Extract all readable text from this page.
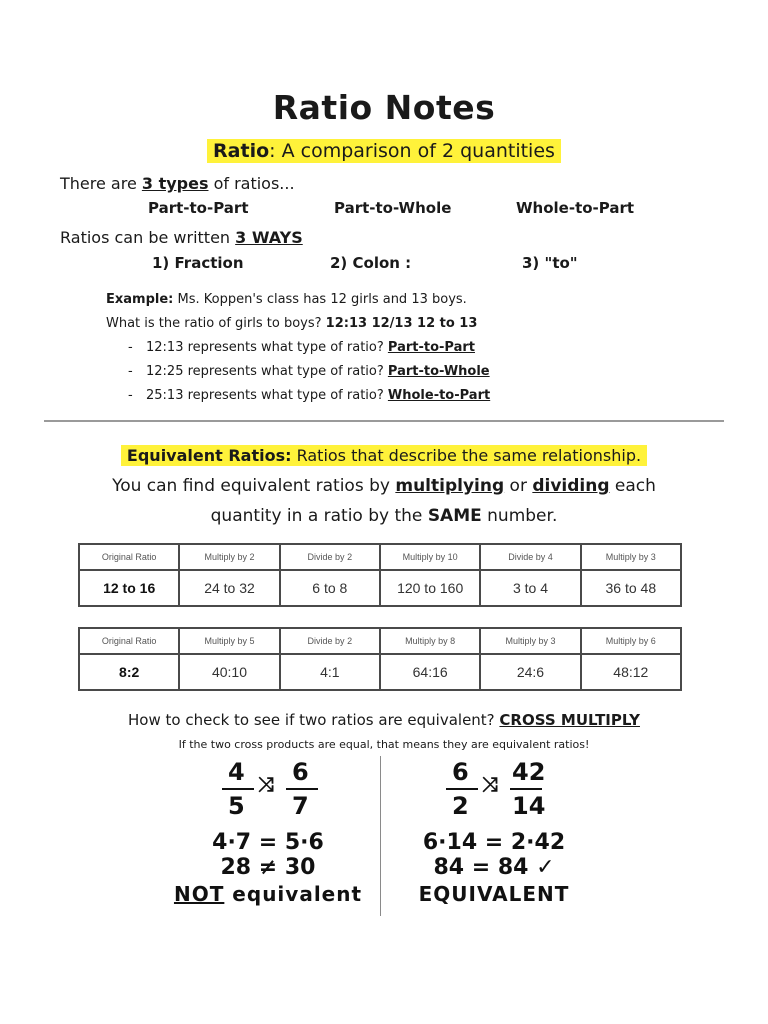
Ratio Notes
Ratio: A comparison of 2 quantities
There are 3 types of ratios...
Part-to-Part	Part-to-Whole	Whole-to-Part
Ratios can be written 3 WAYS
1) Fraction	2) Colon :	3) "to"
Example: Ms. Koppen's class has 12 girls and 13 boys.
What is the ratio of girls to boys? 12:13 12/13 12 to 13
- 12:13 represents what type of ratio? Part-to-Part
- 12:25 represents what type of ratio? Part-to-Whole
- 25:13 represents what type of ratio? Whole-to-Part
Equivalent Ratios: Ratios that describe the same relationship.
You can find equivalent ratios by multiplying or dividing each
quantity in a ratio by the SAME number.
Original Ratio	Multiply by 2	Divide by 2	Multiply by 10	Divide by 4	Multiply by 3
12 to 16	24 to 32	6 to 8	120 to 160	3 to 4	36 to 48
Original Ratio	Multiply by 5	Divide by 2	Multiply by 8	Multiply by 3	Multiply by 6
8:2	40:10	4:1	64:16	24:6	48:12
How to check to see if two ratios are equivalent? CROSS MULTIPLY
If the two cross products are equal, that means they are equivalent ratios!
4
5
⤨ 6
7
4·7 = 5·6
28 ≠ 30
NOT equivalent
6
2
⤨ 42
14
6·14 = 2·42
84 = 84 ✓
EQUIVALENT
